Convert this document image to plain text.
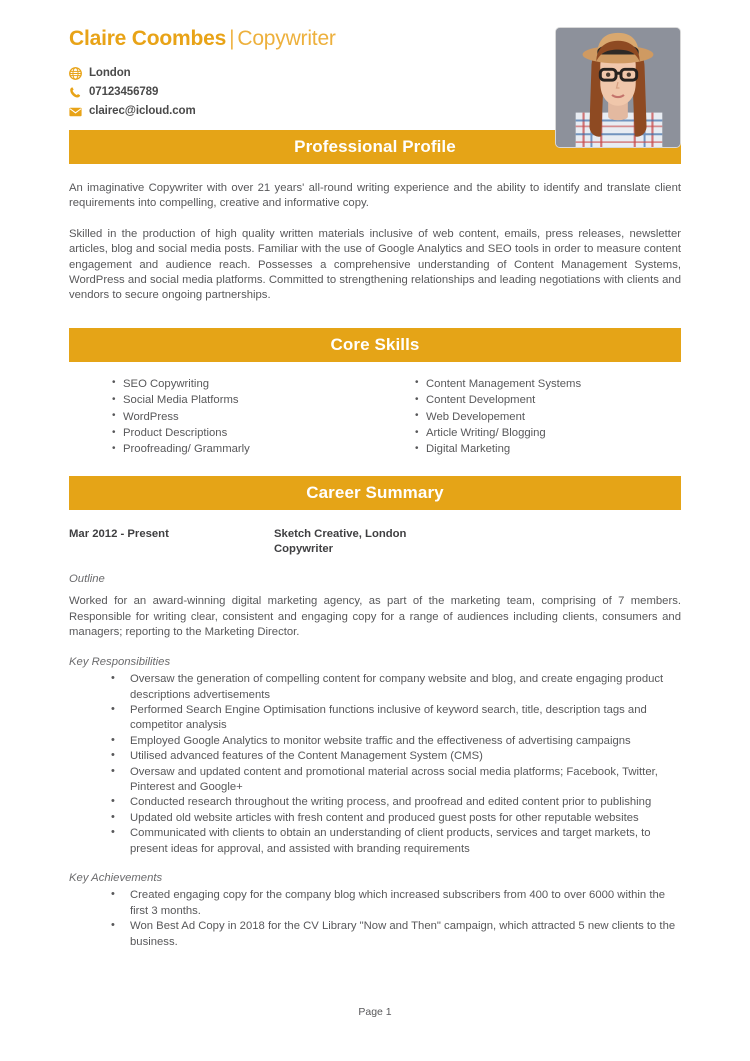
Claire Coombes | Copywriter
London
07123456789
clairec@icloud.com
Professional Profile

An imaginative Copywriter with over 21 years' all-round writing experience and the ability to identify and translate client requirements into compelling, creative and informative copy.

Skilled in the production of high quality written materials inclusive of web content, emails, press releases, newsletter articles, blog and social media posts. Familiar with the use of Google Analytics and SEO tools in order to measure content engagement and audience reach. Possesses a comprehensive understanding of Content Management Systems, WordPress and social media platforms. Committed to strengthening relationships and leading negotiations with clients and vendors to secure ongoing partnerships.

Core Skills
• SEO Copywriting
• Social Media Platforms
• WordPress
• Product Descriptions
• Proofreading/ Grammarly
• Content Management Systems
• Content Development
• Web Developement
• Article Writing/ Blogging
• Digital Marketing
Career Summary
Mar 2012 - Present	Sketch Creative, London
Copywriter
Outline

Worked for an award-winning digital marketing agency, as part of the marketing team, comprising of 7 members. Responsible for writing clear, consistent and engaging copy for a range of audiences including clients, consumers and managers; reporting to the Marketing Director.

Key Responsibilities
• Oversaw the generation of compelling content for company website and blog, and create engaging product descriptions advertisements
• Performed Search Engine Optimisation functions inclusive of keyword search, title, description tags and competitor analysis
• Employed Google Analytics to monitor website traffic and the effectiveness of advertising campaigns
• Utilised advanced features of the Content Management System (CMS)
• Oversaw and updated content and promotional material across social media platforms; Facebook, Twitter, Pinterest and Google+
• Conducted research throughout the writing process, and proofread and edited content prior to publishing
• Updated old website articles with fresh content and produced guest posts for other reputable websites
• Communicated with clients to obtain an understanding of client products, services and target markets, to present ideas for approval, and assisted with branding requirements
Key Achievements
• Created engaging copy for the company blog which increased subscribers from 400 to over 6000 within the first 3 months.
• Won Best Ad Copy in 2018 for the CV Library "Now and Then" campaign, which attracted 5 new clients to the business.
Page 1
